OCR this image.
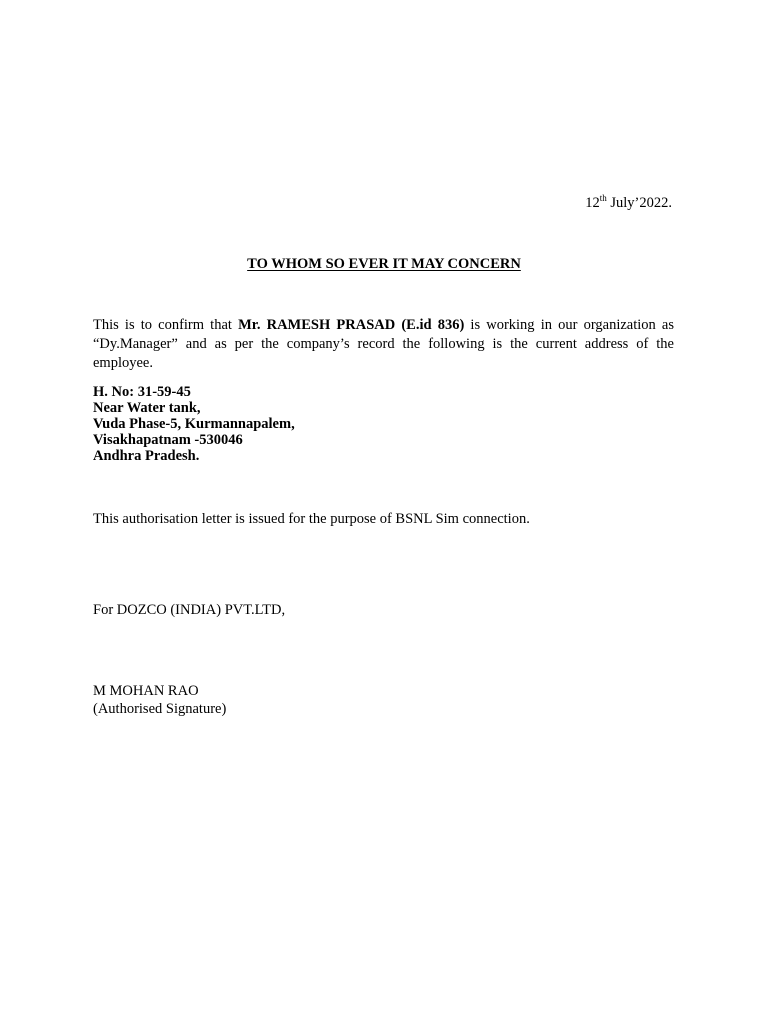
12th July’2022.
TO WHOM SO EVER IT MAY CONCERN
This is to confirm that Mr. RAMESH PRASAD (E.id 836) is working in our organization as “Dy.Manager” and as per the company’s record the following is the current address of the employee.
H. No: 31-59-45
Near Water tank,
Vuda Phase-5, Kurmannapalem,
Visakhapatnam -530046
Andhra Pradesh.
This authorisation letter is issued for the purpose of BSNL Sim connection.
For DOZCO (INDIA) PVT.LTD,
M MOHAN RAO
(Authorised Signature)
